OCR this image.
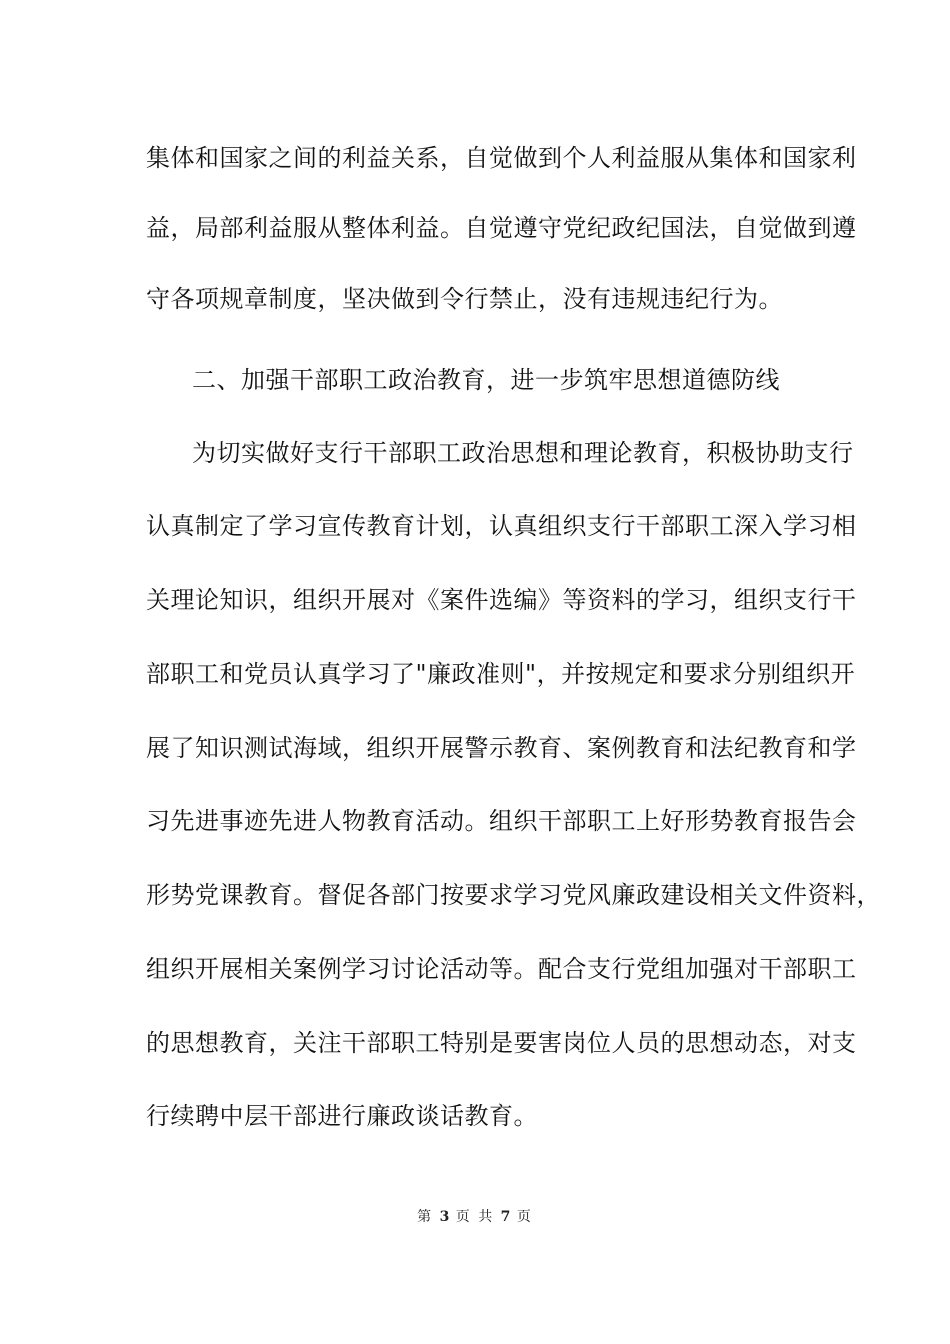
集体和国家之间的利益关系，自觉做到个人利益服从集体和国家利
益，局部利益服从整体利益。自觉遵守党纪政纪国法，自觉做到遵
守各项规章制度，坚决做到令行禁止，没有违规违纪行为。
二、加强干部职工政治教育，进一步筑牢思想道德防线
为切实做好支行干部职工政治思想和理论教育，积极协助支行
认真制定了学习宣传教育计划，认真组织支行干部职工深入学习相
关理论知识，组织开展对《案件选编》等资料的学习，组织支行干
部职工和党员认真学习了"廉政准则"，并按规定和要求分别组织开
展了知识测试海域，组织开展警示教育、案例教育和法纪教育和学
习先进事迹先进人物教育活动。组织干部职工上好形势教育报告会
形势党课教育。督促各部门按要求学习党风廉政建设相关文件资料，
组织开展相关案例学习讨论活动等。配合支行党组加强对干部职工
的思想教育，关注干部职工特别是要害岗位人员的思想动态，对支
行续聘中层干部进行廉政谈话教育。
第 3 页 共 7 页
